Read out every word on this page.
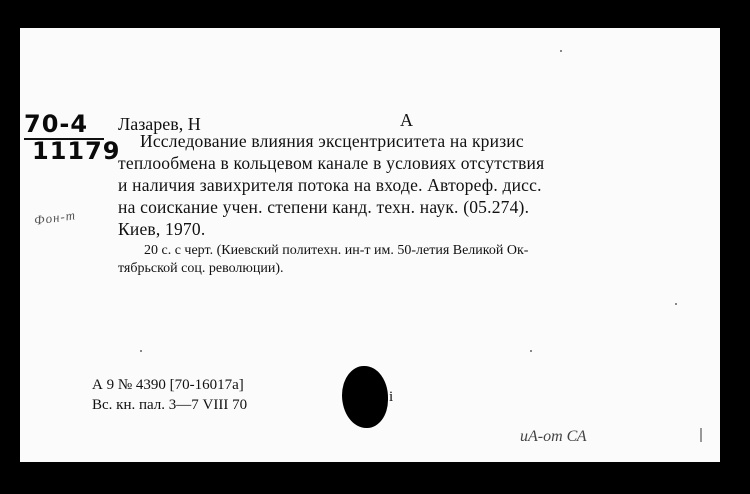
70-4
11179
Фон-т
Лазарев, Н	А
Исследование влияния эксцентриситета на кризис
теплообмена в кольцевом канале в условиях отсутствия
и наличия завихрителя потока на входе. Автореф. дисс.
на соискание учен. степени канд. техн. наук. (05.274).
Киев, 1970.
20 с. с черт. (Киевский политехн. ин-т им. 50-летия Великой Ок-
тябрьской соц. революции).
А 9 № 4390 [70-16017а]
Вс. кн. пал. 3—7 VIII 70	i
иА-от СА
